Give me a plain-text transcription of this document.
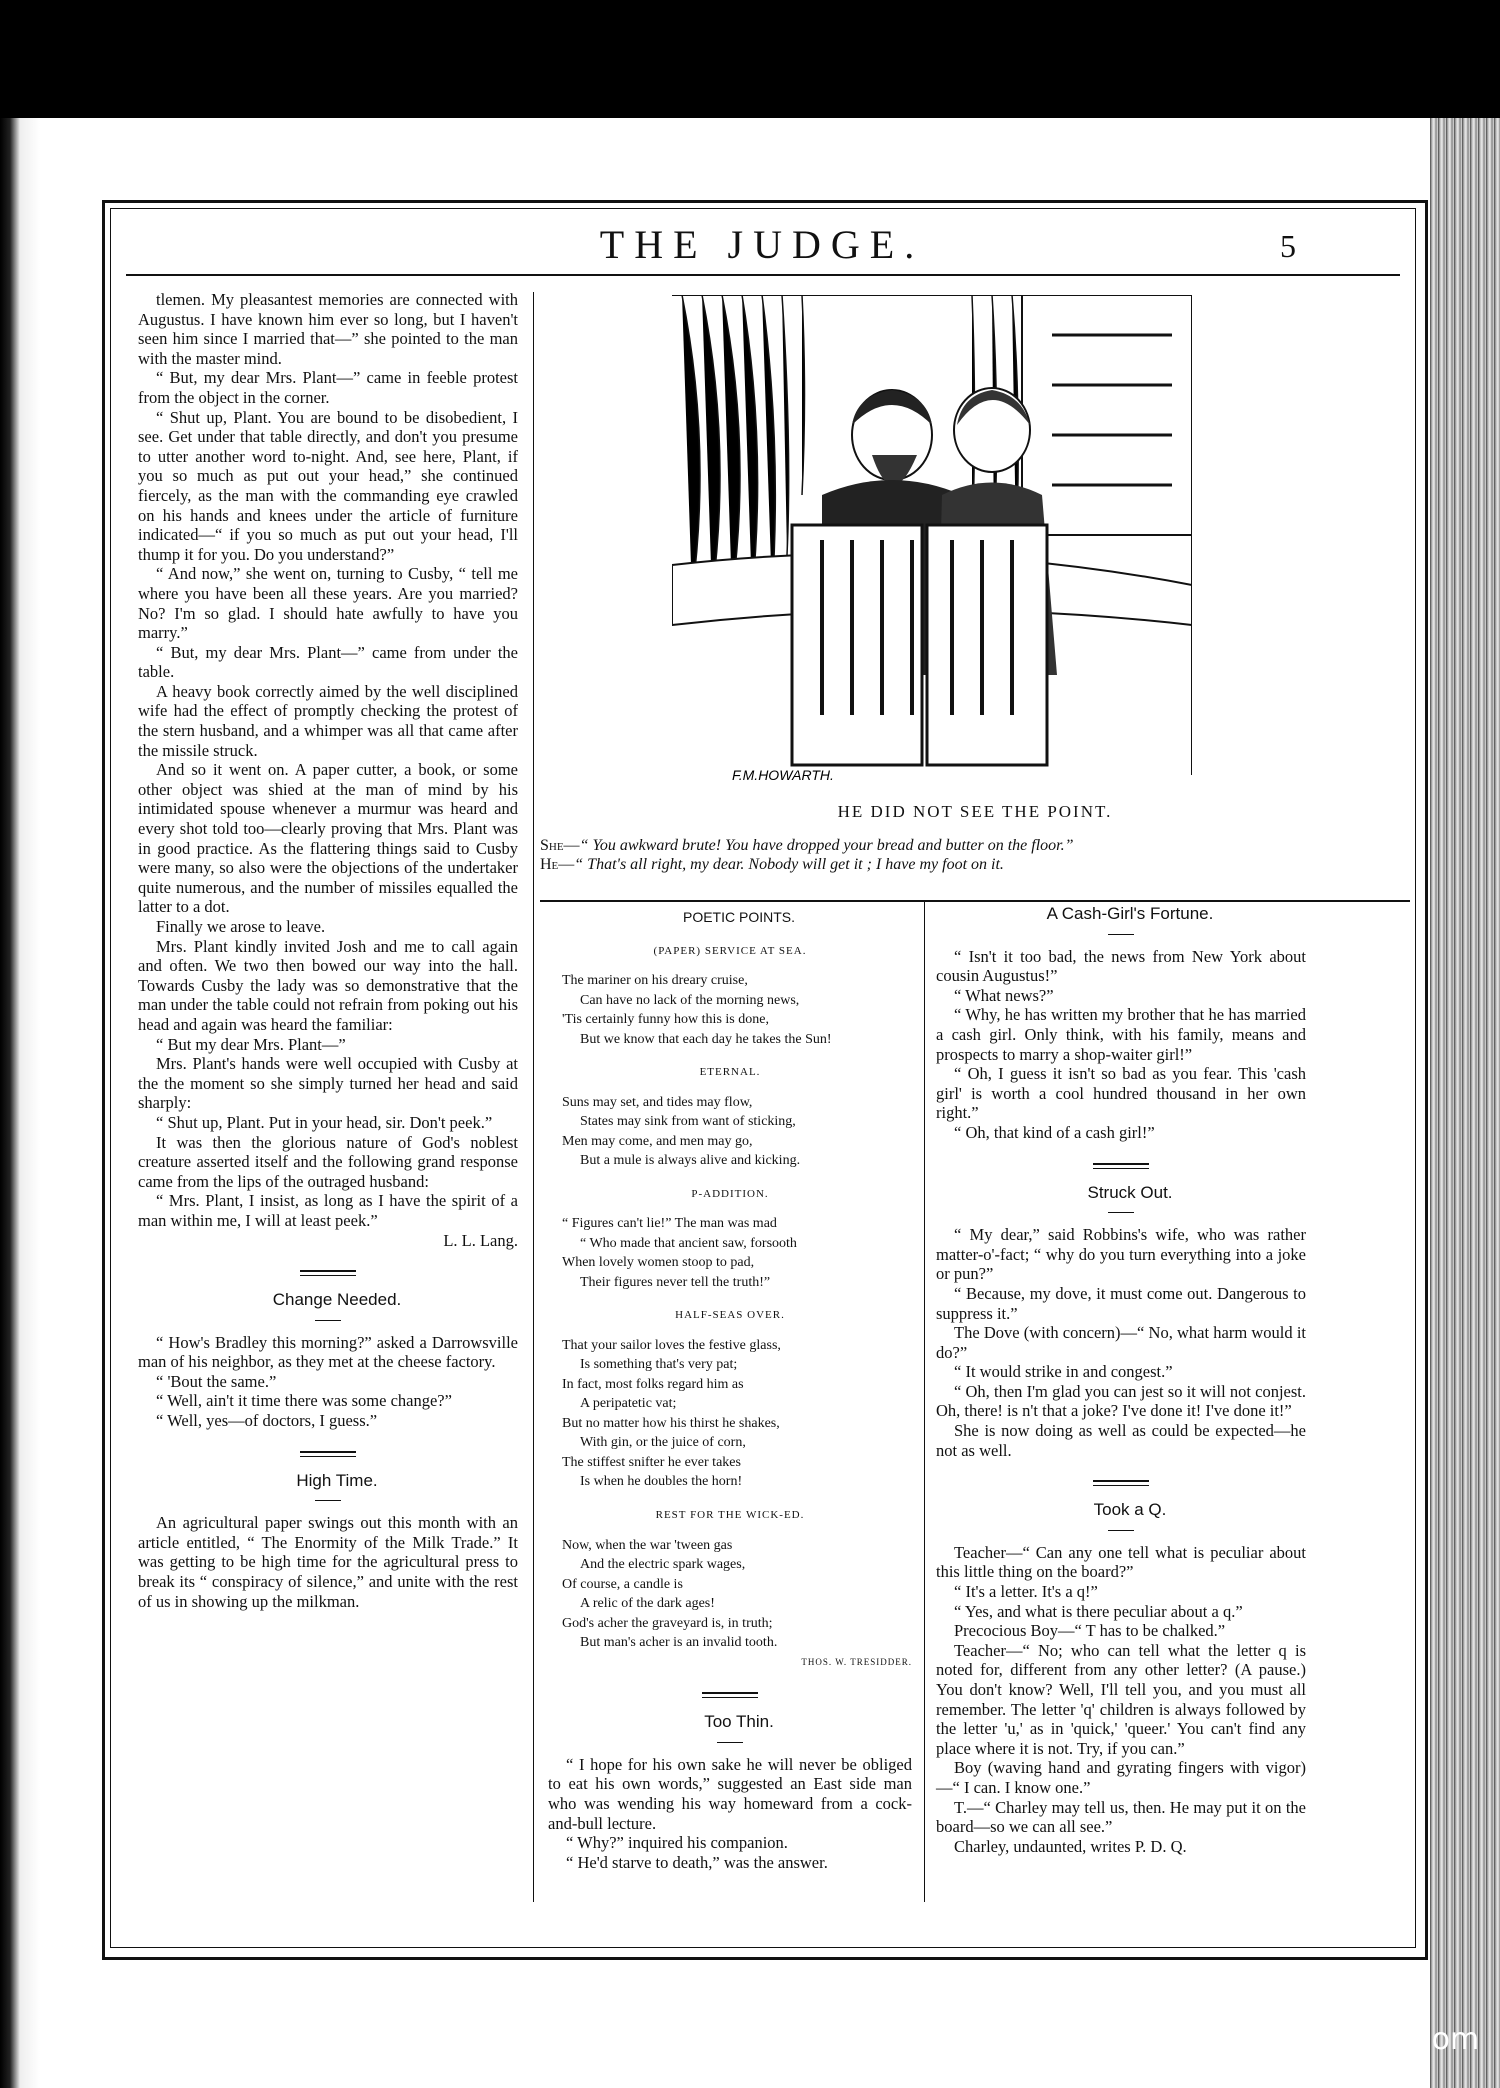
THE JUDGE.	5

tlemen. My pleasantest memories are connected with Augustus. I have known him ever so long, but I haven't seen him since I married that—” she pointed to the man with the master mind.

“ But, my dear Mrs. Plant—” came in feeble protest from the object in the corner.

“ Shut up, Plant. You are bound to be disobedient, I see. Get under that table directly, and don't you presume to utter another word to-night. And, see here, Plant, if you so much as put out your head,” she continued fiercely, as the man with the commanding eye crawled on his hands and knees under the article of furniture indicated—“ if you so much as put out your head, I'll thump it for you. Do you understand?”

“ And now,” she went on, turning to Cusby, “ tell me where you have been all these years. Are you married? No? I'm so glad. I should hate awfully to have you marry.”

“ But, my dear Mrs. Plant—” came from under the table.

A heavy book correctly aimed by the well disciplined wife had the effect of promptly checking the protest of the stern husband, and a whimper was all that came after the missile struck.

And so it went on. A paper cutter, a book, or some other object was shied at the man of mind by his intimidated spouse whenever a murmur was heard and every shot told too—clearly proving that Mrs. Plant was in good practice. As the flattering things said to Cusby were many, so also were the objections of the undertaker quite numerous, and the number of missiles equalled the latter to a dot.

Finally we arose to leave.

Mrs. Plant kindly invited Josh and me to call again and often. We two then bowed our way into the hall. Towards Cusby the lady was so demonstrative that the man under the table could not refrain from poking out his head and again was heard the familiar:

“ But my dear Mrs. Plant—”

Mrs. Plant's hands were well occupied with Cusby at the the moment so she simply turned her head and said sharply:

“ Shut up, Plant. Put in your head, sir. Don't peek.”

It was then the glorious nature of God's noblest creature asserted itself and the following grand response came from the lips of the outraged husband:

“ Mrs. Plant, I insist, as long as I have the spirit of a man within me, I will at least peek.”

L. L. Lang.

Change Needed.

“ How's Bradley this morning?” asked a Darrowsville man of his neighbor, as they met at the cheese factory.

“ 'Bout the same.”

“ Well, ain't it time there was some change?”

“ Well, yes—of doctors, I guess.”

High Time.

An agricultural paper swings out this month with an article entitled, “ The Enormity of the Milk Trade.” It was getting to be high time for the agricultural press to break its “ conspiracy of silence,” and unite with the rest of us in showing up the milkman.

F.M.HOWARTH.
HE DID NOT SEE THE POINT.
She—“ You awkward brute! You have dropped your bread and butter on the floor.”
He—“ That's all right, my dear. Nobody will get it ; I have my foot on it.

POETIC POINTS.

(PAPER) SERVICE AT SEA.
The mariner on his dreary cruise,
Can have no lack of the morning news,
'Tis certainly funny how this is done,
But we know that each day he takes the Sun!
ETERNAL.
Suns may set, and tides may flow,
States may sink from want of sticking,
Men may come, and men may go,
But a mule is always alive and kicking.
P-ADDITION.
“ Figures can't lie!” The man was mad
“ Who made that ancient saw, forsooth
When lovely women stoop to pad,
Their figures never tell the truth!”
HALF-SEAS OVER.
That your sailor loves the festive glass,
Is something that's very pat;
In fact, most folks regard him as
A peripatetic vat;
But no matter how his thirst he shakes,
With gin, or the juice of corn,
The stiffest snifter he ever takes
Is when he doubles the horn!
REST FOR THE WICK-ED.
Now, when the war 'tween gas
And the electric spark wages,
Of course, a candle is
A relic of the dark ages!
God's acher the graveyard is, in truth;
But man's acher is an invalid tooth.

THOS. W. TRESIDDER.

Too Thin.

“ I hope for his own sake he will never be obliged to eat his own words,” suggested an East side man who was wending his way homeward from a cock-and-bull lecture.

“ Why?” inquired his companion.

“ He'd starve to death,” was the answer.

A Cash-Girl's Fortune.

“ Isn't it too bad, the news from New York about cousin Augustus!”

“ What news?”

“ Why, he has written my brother that he has married a cash girl. Only think, with his family, means and prospects to marry a shop-waiter girl!”

“ Oh, I guess it isn't so bad as you fear. This 'cash girl' is worth a cool hundred thousand in her own right.”

“ Oh, that kind of a cash girl!”

Struck Out.

“ My dear,” said Robbins's wife, who was rather matter-o'-fact; “ why do you turn everything into a joke or pun?”

“ Because, my dove, it must come out. Dangerous to suppress it.”

The Dove (with concern)—“ No, what harm would it do?”

“ It would strike in and congest.”

“ Oh, then I'm glad you can jest so it will not conjest. Oh, there! is n't that a joke? I've done it! I've done it!”

She is now doing as well as could be expected—he not as well.

Took a Q.

Teacher—“ Can any one tell what is peculiar about this little thing on the board?”

“ It's a letter. It's a q!”

“ Yes, and what is there peculiar about a q.”

Precocious Boy—“ T has to be chalked.”

Teacher—“ No; who can tell what the letter q is noted for, different from any other letter? (A pause.) You don't know? Well, I'll tell you, and you must all remember. The letter 'q' children is always followed by the letter 'u,' as in 'quick,' 'queer.' You can't find any place where it is not. Try, if you can.”

Boy (waving hand and gyrating fingers with vigor)—“ I can. I know one.”

T.—“ Charley may tell us, then. He may put it on the board—so we can all see.”

Charley, undaunted, writes P. D. Q.

comicbooks.com
